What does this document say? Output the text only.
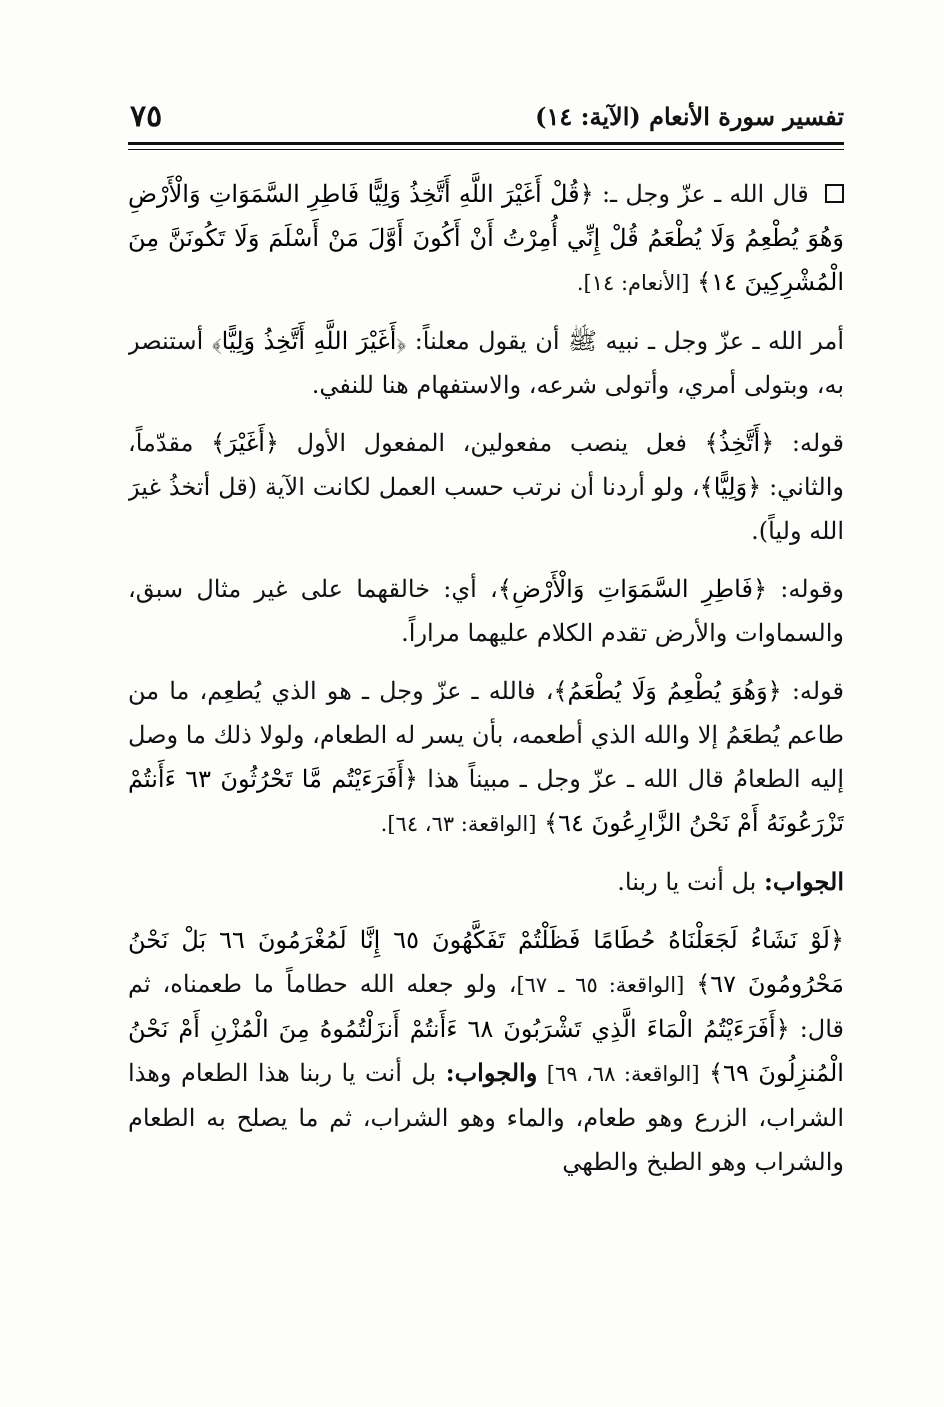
تفسير سورة الأنعام (الآية: ١٤)
٧٥

قال الله ـ عزّ وجل ـ: ﴿قُلْ أَغَيْرَ اللَّهِ أَتَّخِذُ وَلِيًّا فَاطِرِ السَّمَوَاتِ وَالْأَرْضِ وَهُوَ يُطْعِمُ وَلَا يُطْعَمُ قُلْ إِنِّي أُمِرْتُ أَنْ أَكُونَ أَوَّلَ مَنْ أَسْلَمَ وَلَا تَكُونَنَّ مِنَ الْمُشْرِكِينَ ١٤﴾ [الأنعام: ١٤].

أمر الله ـ عزّ وجل ـ نبيه ﷺ أن يقول معلناً: ﴿أَغَيْرَ اللَّهِ أَتَّخِذُ وَلِيًّا﴾ أستنصر به، وبتولى أمري، وأتولى شرعه، والاستفهام هنا للنفي.

قوله: ﴿أَتَّخِذُ﴾ فعل ينصب مفعولين، المفعول الأول ﴿أَغَيْرَ﴾ مقدّماً، والثاني: ﴿وَلِيًّا﴾، ولو أردنا أن نرتب حسب العمل لكانت الآية (قل أتخذُ غيرَ الله ولياً).

وقوله: ﴿فَاطِرِ السَّمَوَاتِ وَالْأَرْضِ﴾، أي: خالقهما على غير مثال سبق، والسماوات والأرض تقدم الكلام عليهما مراراً.

قوله: ﴿وَهُوَ يُطْعِمُ وَلَا يُطْعَمُ﴾، فالله ـ عزّ وجل ـ هو الذي يُطعِم، ما من طاعم يُطعَمُ إلا والله الذي أطعمه، بأن يسر له الطعام، ولولا ذلك ما وصل إليه الطعامُ قال الله ـ عزّ وجل ـ مبيناً هذا ﴿أَفَرَءَيْتُم مَّا تَحْرُثُونَ ٦٣ ءَأَنتُمْ تَزْرَعُونَهُ أَمْ نَحْنُ الزَّارِعُونَ ٦٤﴾ [الواقعة: ٦٣، ٦٤].

الجواب: بل أنت يا ربنا.

﴿لَوْ نَشَاءُ لَجَعَلْنَاهُ حُطَامًا فَظَلْتُمْ تَفَكَّهُونَ ٦٥ إِنَّا لَمُغْرَمُونَ ٦٦ بَلْ نَحْنُ مَحْرُومُونَ ٦٧﴾ [الواقعة: ٦٥ ـ ٦٧]، ولو جعله الله حطاماً ما طعمناه، ثم قال: ﴿أَفَرَءَيْتُمُ الْمَاءَ الَّذِي تَشْرَبُونَ ٦٨ ءَأَنتُمْ أَنزَلْتُمُوهُ مِنَ الْمُزْنِ أَمْ نَحْنُ الْمُنزِلُونَ ٦٩﴾ [الواقعة: ٦٨، ٦٩] والجواب: بل أنت يا ربنا هذا الطعام وهذا الشراب، الزرع وهو طعام، والماء وهو الشراب، ثم ما يصلح به الطعام والشراب وهو الطبخ والطهي
